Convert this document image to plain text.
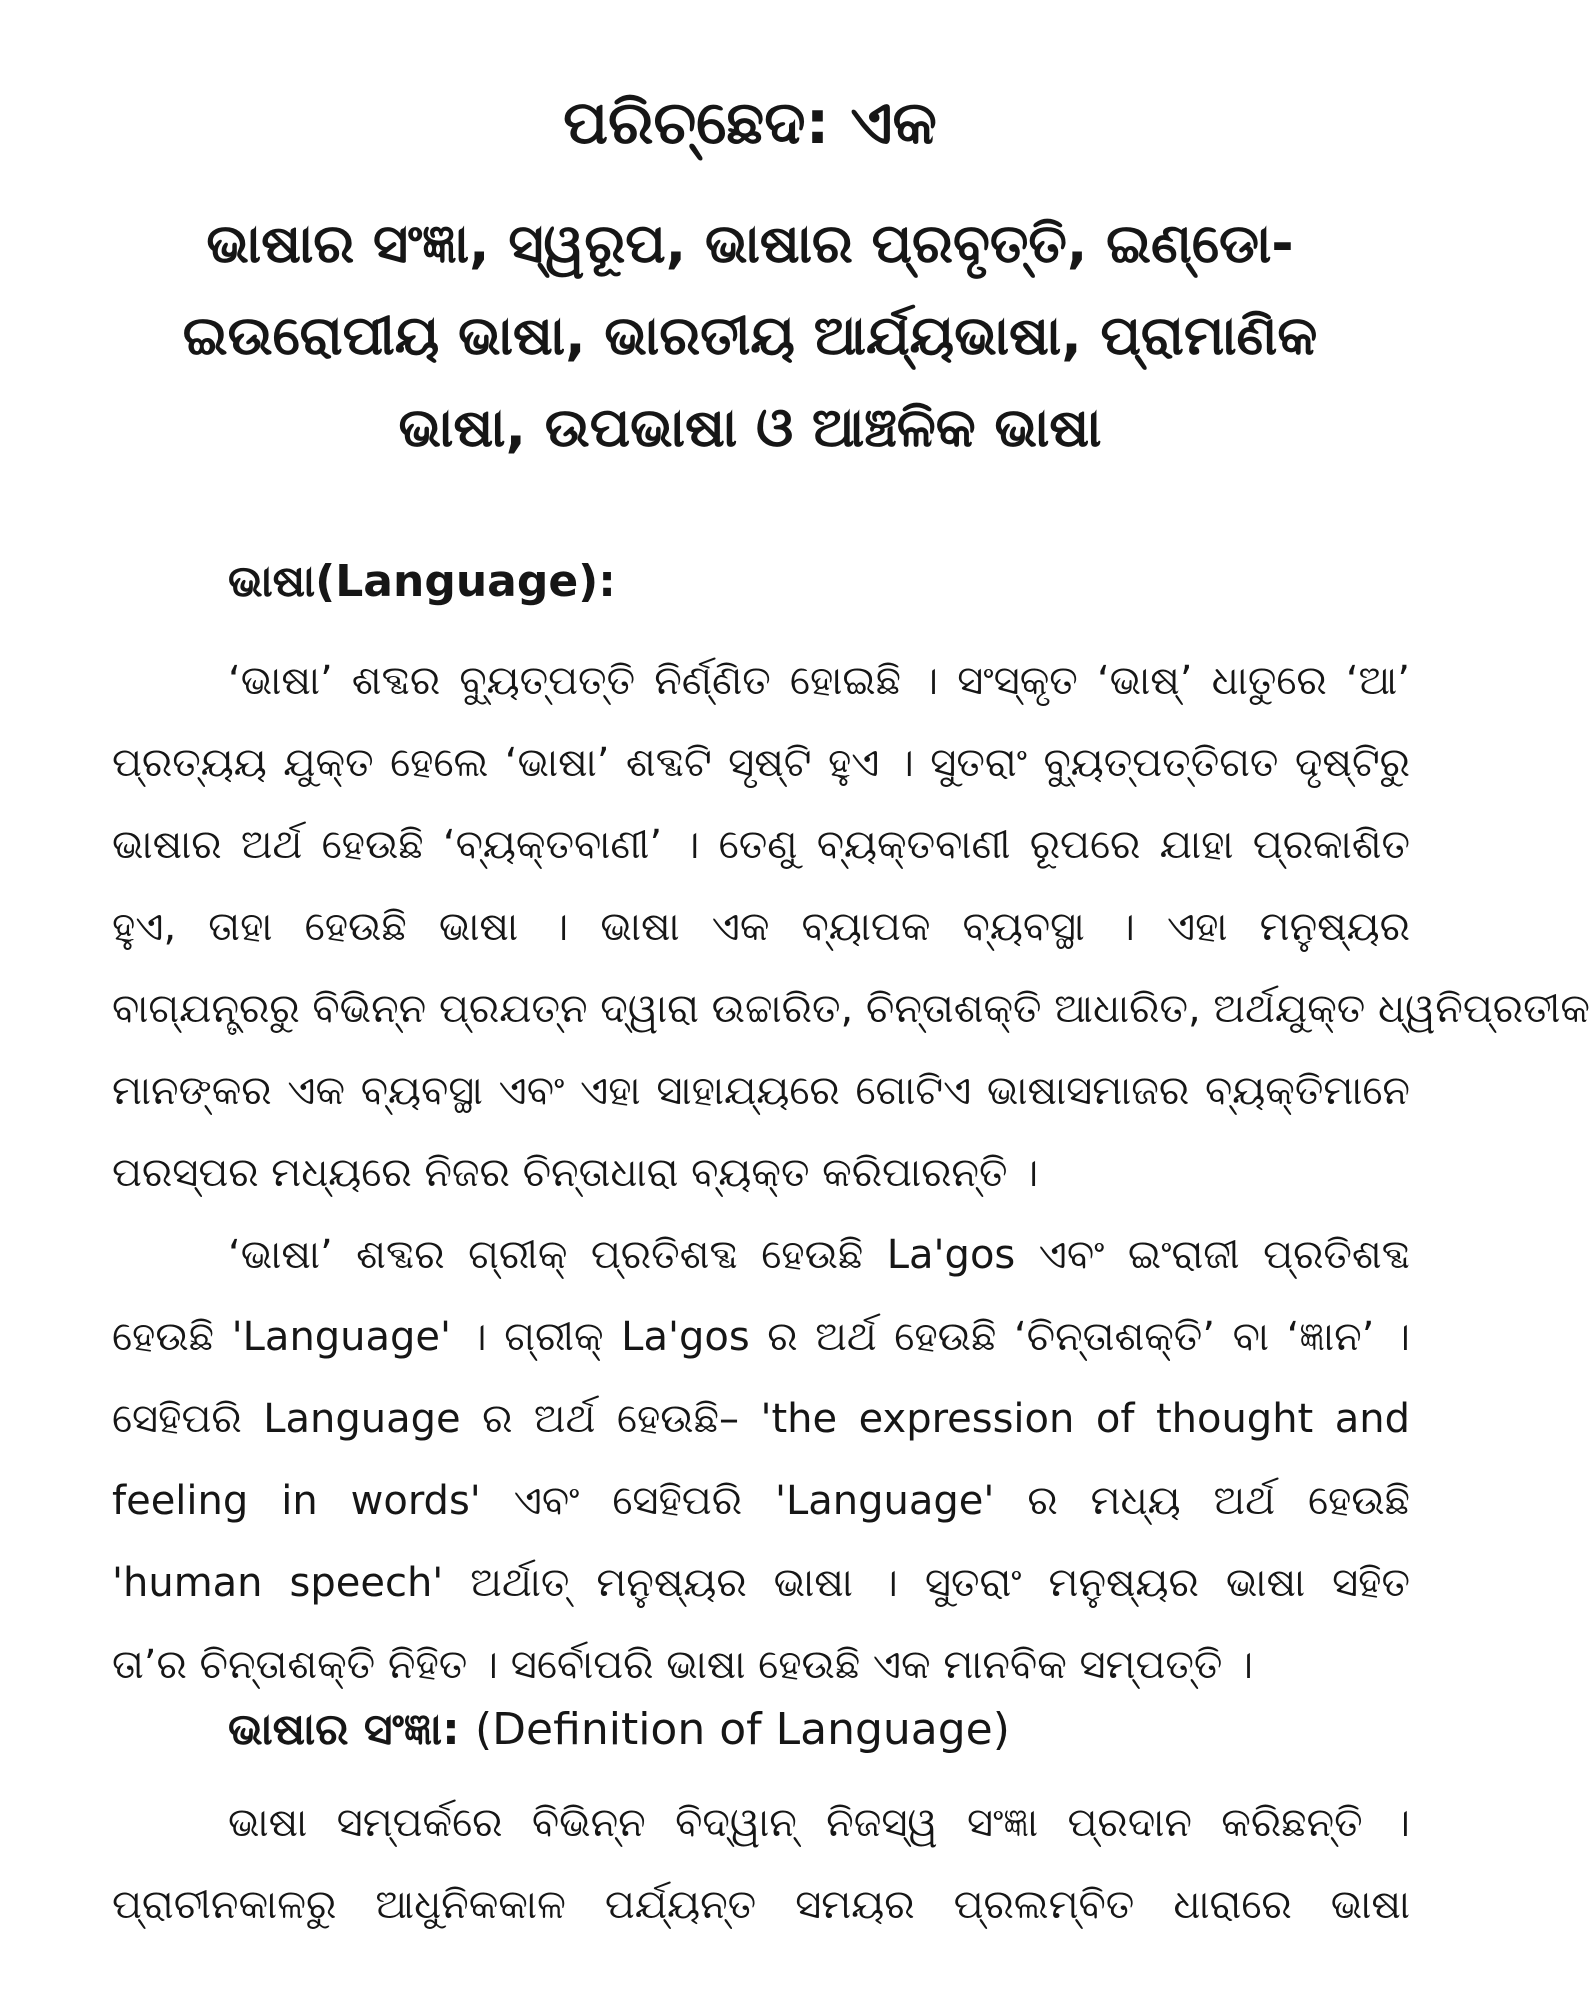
ପରିଚ୍ଛେଦ: ଏକ
ଭାଷାର ସଂଜ୍ଞା, ସ୍ୱରୂପ, ଭାଷାର ପ୍ରବୃତ୍ତି, ଇଣ୍ଡୋ-
ଇଉରୋପୀୟ ଭାଷା, ଭାରତୀୟ ଆର୍ଯ୍ୟଭାଷା, ପ୍ରାମାଣିକ
ଭାଷା, ଉପଭାଷା ଓ ଆଞ୍ଚଳିକ ଭାଷା
ଭାଷା(Language):
‘ଭାଷା’ ଶବ୍ଦର ବ୍ୟୁତ୍ପତ୍ତି ନିର୍ଣ୍ଣିତ ହୋଇଛି । ସଂସ୍କୃତ ‘ଭାଷ୍’ ଧାତୁରେ ‘ଆ’
ପ୍ରତ୍ୟୟ ଯୁକ୍ତ ହେଲେ ‘ଭାଷା’ ଶବ୍ଦଟି ସୃଷ୍ଟି ହୁଏ । ସୁତରାଂ ବ୍ୟୁତ୍ପତ୍ତିଗତ ଦୃଷ୍ଟିରୁ
ଭାଷାର ଅର୍ଥ ହେଉଛି ‘ବ୍ୟକ୍ତବାଣୀ’ । ତେଣୁ ବ୍ୟକ୍ତବାଣୀ ରୂପରେ ଯାହା ପ୍ରକାଶିତ
ହୁଏ, ତାହା ହେଉଛି ଭାଷା । ଭାଷା ଏକ ବ୍ୟାପକ ବ୍ୟବସ୍ଥା । ଏହା ମନୁଷ୍ୟର
ବାଗ୍‌ଯନ୍ତ୍ରରୁ ବିଭିନ୍ନ ପ୍ରଯତ୍ନ ଦ୍ୱାରା ଉଚ୍ଚାରିତ, ଚିନ୍ତାଶକ୍ତି ଆଧାରିତ, ଅର୍ଥଯୁକ୍ତ ଧ୍ୱନିପ୍ରତୀକ
ମାନଙ୍କର ଏକ ବ୍ୟବସ୍ଥା ଏବଂ ଏହା ସାହାଯ୍ୟରେ ଗୋଟିଏ ଭାଷାସମାଜର ବ୍ୟକ୍ତିମାନେ
ପରସ୍ପର ମଧ୍ୟରେ ନିଜର ଚିନ୍ତାଧାରା ବ୍ୟକ୍ତ କରିପାରନ୍ତି ।
‘ଭାଷା’ ଶବ୍ଦର ଗ୍ରୀକ୍ ପ୍ରତିଶବ୍ଦ ହେଉଛି La'gos ଏବଂ ଇଂରାଜୀ ପ୍ରତିଶବ୍ଦ
ହେଉଛି 'Language' । ଗ୍ରୀକ୍ La'gos ର ଅର୍ଥ ହେଉଛି ‘ଚିନ୍ତାଶକ୍ତି’ ବା ‘ଜ୍ଞାନ’ ।
ସେହିପରି Language ର ଅର୍ଥ ହେଉଛି– 'the expression of thought and
feeling in words' ଏବଂ ସେହିପରି 'Language' ର ମଧ୍ୟ ଅର୍ଥ ହେଉଛି
'human speech' ଅର୍ଥାତ୍ ମନୁଷ୍ୟର ଭାଷା । ସୁତରାଂ ମନୁଷ୍ୟର ଭାଷା ସହିତ
ତା’ର ଚିନ୍ତାଶକ୍ତି ନିହିତ । ସର୍ବୋପରି ଭାଷା ହେଉଛି ଏକ ମାନବିକ ସମ୍ପତ୍ତି ।
ଭାଷାର ସଂଜ୍ଞା: (Definition of Language)
ଭାଷା ସମ୍ପର୍କରେ ବିଭିନ୍ନ ବିଦ୍ୱାନ୍ ନିଜସ୍ୱ ସଂଜ୍ଞା ପ୍ରଦାନ କରିଛନ୍ତି ।
ପ୍ରାଚୀନକାଳରୁ ଆଧୁନିକକାଳ ପର୍ଯ୍ୟନ୍ତ ସମୟର ପ୍ରଲମ୍ବିତ ଧାରାରେ ଭାଷା
